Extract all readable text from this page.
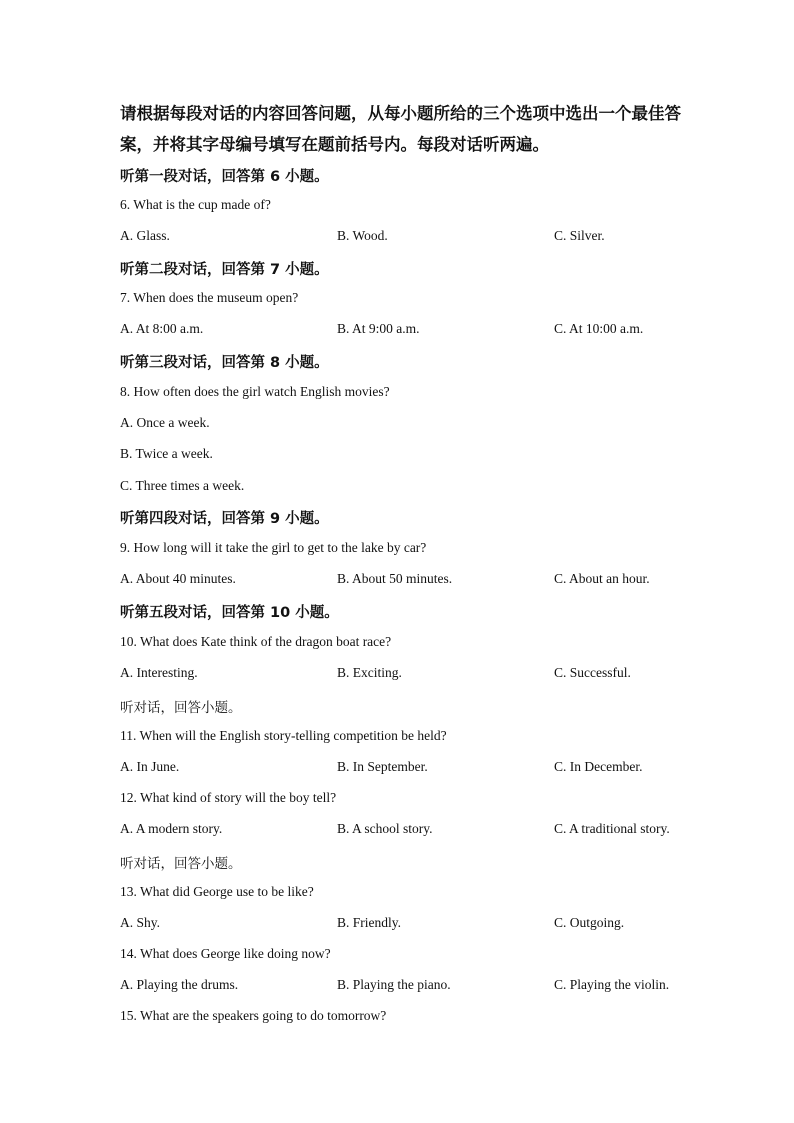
请根据每段对话的内容回答问题，从每小题所给的三个选项中选出一个最佳答
案，并将其字母编号填写在题前括号内。每段对话听两遍。
听第一段对话，回答第 6 小题。
6. What is the cup made of?
A. Glass.	B. Wood.	C. Silver.
听第二段对话，回答第 7 小题。
7. When does the museum open?
A. At 8:00 a.m.	B. At 9:00 a.m.	C. At 10:00 a.m.
听第三段对话，回答第 8 小题。
8. How often does the girl watch English movies?
A. Once a week.
B. Twice a week.
C. Three times a week.
听第四段对话，回答第 9 小题。
9. How long will it take the girl to get to the lake by car?
A. About 40 minutes.	B. About 50 minutes.	C. About an hour.
听第五段对话，回答第 10 小题。
10. What does Kate think of the dragon boat race?
A. Interesting.	B. Exciting.	C. Successful.
听对话，回答小题。
11. When will the English story-telling competition be held?
A. In June.	B. In September.	C. In December.
12. What kind of story will the boy tell?
A. A modern story.	B. A school story.	C. A traditional story.
听对话，回答小题。
13. What did George use to be like?
A. Shy.	B. Friendly.	C. Outgoing.
14. What does George like doing now?
A. Playing the drums.	B. Playing the piano.	C. Playing the violin.
15. What are the speakers going to do tomorrow?
